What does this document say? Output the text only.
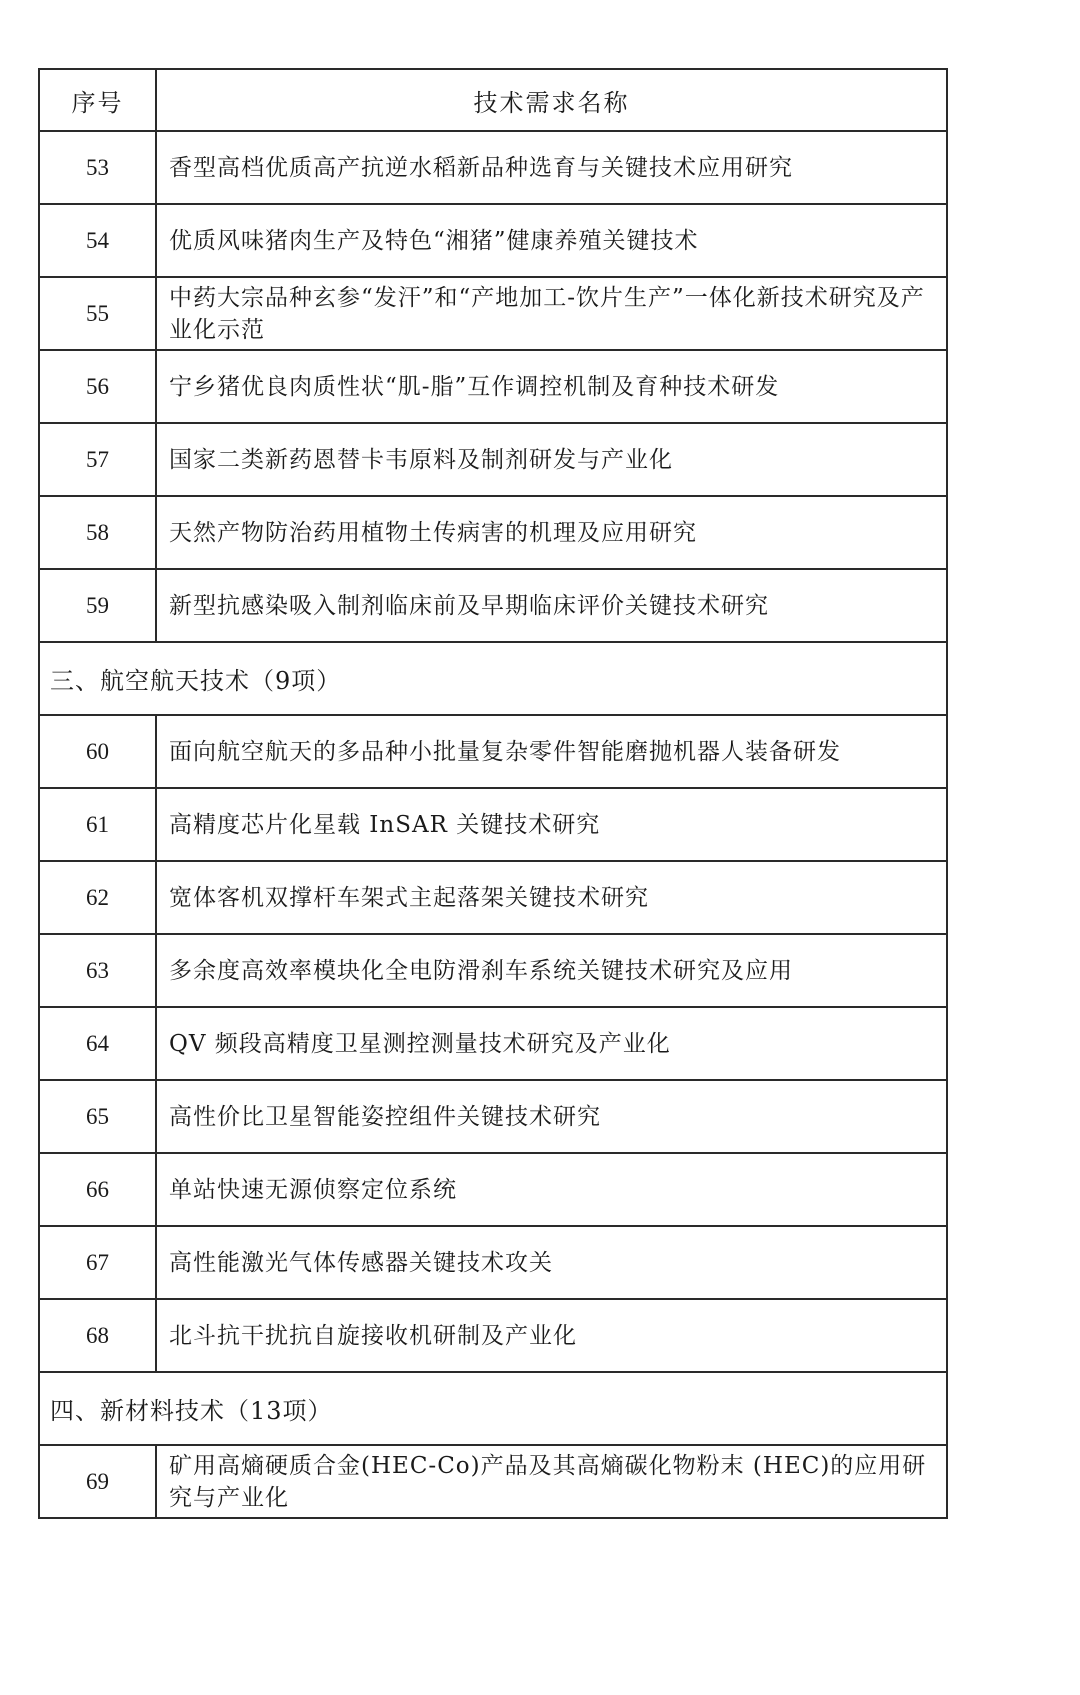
序号	技术需求名称
53	香型高档优质高产抗逆水稻新品种选育与关键技术应用研究
54	优质风味猪肉生产及特色“湘猪”健康养殖关键技术
55	中药大宗品种玄参“发汗”和“产地加工-饮片生产”一体化新技术研究及产业化示范
56	宁乡猪优良肉质性状“肌-脂”互作调控机制及育种技术研发
57	国家二类新药恩替卡韦原料及制剂研发与产业化
58	天然产物防治药用植物土传病害的机理及应用研究
59	新型抗感染吸入制剂临床前及早期临床评价关键技术研究
三、航空航天技术（9项）	
60	面向航空航天的多品种小批量复杂零件智能磨抛机器人装备研发
61	高精度芯片化星载 InSAR 关键技术研究
62	宽体客机双撑杆车架式主起落架关键技术研究
63	多余度高效率模块化全电防滑刹车系统关键技术研究及应用
64	QV 频段高精度卫星测控测量技术研究及产业化
65	高性价比卫星智能姿控组件关键技术研究
66	单站快速无源侦察定位系统
67	高性能激光气体传感器关键技术攻关
68	北斗抗干扰抗自旋接收机研制及产业化
四、新材料技术（13项）	
69	矿用高熵硬质合金(HEC-Co)产品及其高熵碳化物粉末 (HEC)的应用研究与产业化
